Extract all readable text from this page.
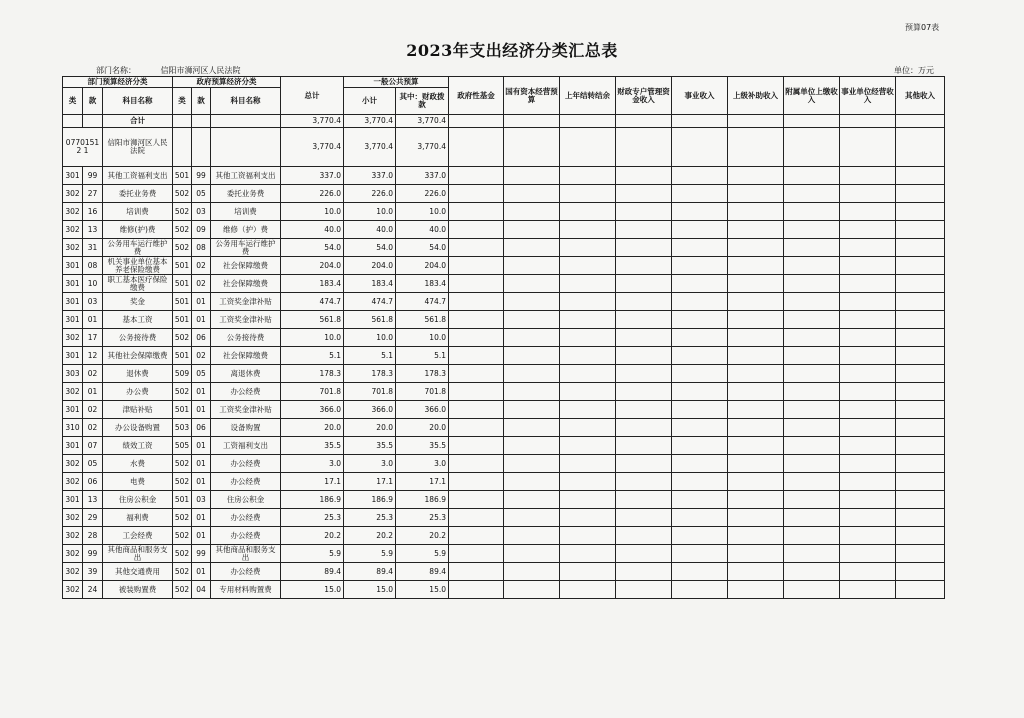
预算07表
2023年支出经济分类汇总表
部门名称：	信阳市浉河区人民法院	单位：万元
部门预算经济分类			政府预算经济分类			总计	一般公共预算		政府性基金	国有资本经营预算	上年结转结余	财政专户管理资金收入	事业收入	上级补助收入	附属单位上缴收入	事业单位经营收入	其他收入
类	款	科目名称	类	款	科目名称		小计	其中：财政拨款									
		合计				3,770.4	3,770.4	3,770.4									
07701512 1		信阳市浉河区人民法院				3,770.4	3,770.4	3,770.4									
301	99	其他工资福利支出	501	99	其他工资福利支出	337.0	337.0	337.0									
302	27	委托业务费	502	05	委托业务费	226.0	226.0	226.0									
302	16	培训费	502	03	培训费	10.0	10.0	10.0									
302	13	维修(护)费	502	09	维修（护）费	40.0	40.0	40.0									
302	31	公务用车运行维护费	502	08	公务用车运行维护费	54.0	54.0	54.0									
301	08	机关事业单位基本养老保险缴费	501	02	社会保障缴费	204.0	204.0	204.0									
301	10	职工基本医疗保险缴费	501	02	社会保障缴费	183.4	183.4	183.4									
301	03	奖金	501	01	工资奖金津补贴	474.7	474.7	474.7									
301	01	基本工资	501	01	工资奖金津补贴	561.8	561.8	561.8									
302	17	公务接待费	502	06	公务接待费	10.0	10.0	10.0									
301	12	其他社会保障缴费	501	02	社会保障缴费	5.1	5.1	5.1									
303	02	退休费	509	05	离退休费	178.3	178.3	178.3									
302	01	办公费	502	01	办公经费	701.8	701.8	701.8									
301	02	津贴补贴	501	01	工资奖金津补贴	366.0	366.0	366.0									
310	02	办公设备购置	503	06	设备购置	20.0	20.0	20.0									
301	07	绩效工资	505	01	工资福利支出	35.5	35.5	35.5									
302	05	水费	502	01	办公经费	3.0	3.0	3.0									
302	06	电费	502	01	办公经费	17.1	17.1	17.1									
301	13	住房公积金	501	03	住房公积金	186.9	186.9	186.9									
302	29	福利费	502	01	办公经费	25.3	25.3	25.3									
302	28	工会经费	502	01	办公经费	20.2	20.2	20.2									
302	99	其他商品和服务支出	502	99	其他商品和服务支出	5.9	5.9	5.9									
302	39	其他交通费用	502	01	办公经费	89.4	89.4	89.4									
302	24	被装购置费	502	04	专用材料购置费	15.0	15.0	15.0									
